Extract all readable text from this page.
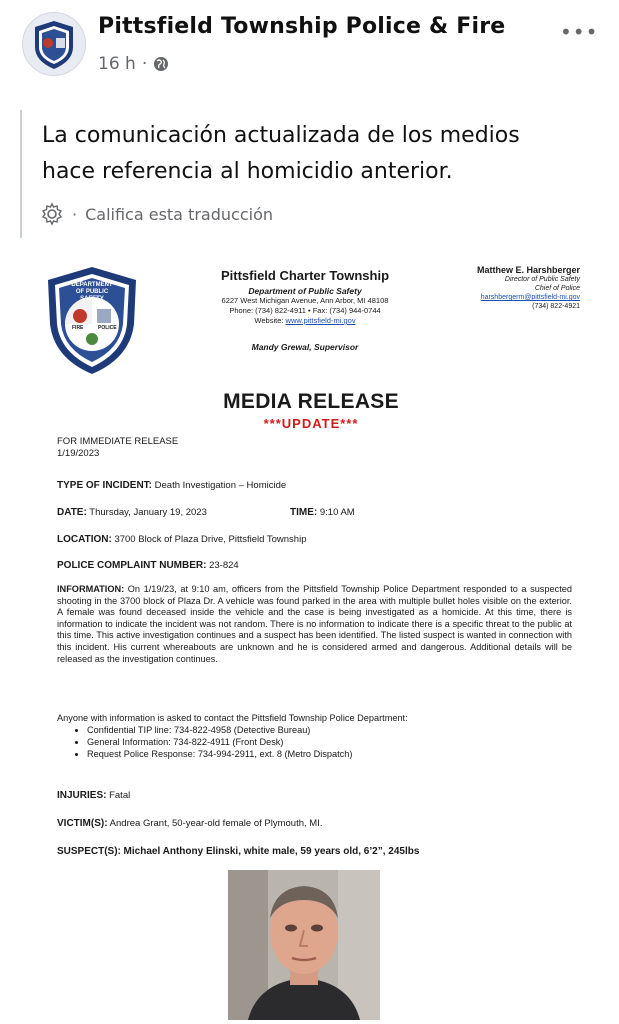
Pittsfield Township Police & Fire
16 h ·
•••
La comunicación actualizada de los medios hace referencia al homicidio anterior.
· Califica esta traducción
DEPARTMENT OF PUBLIC SAFETY
FIRE	POLICE
Pittsfield Charter Township
Department of Public Safety
6227 West Michigan Avenue, Ann Arbor, MI 48108
Phone: (734) 822-4911 • Fax: (734) 944-0744
Website: www.pittsfield-mi.gov
Mandy Grewal, Supervisor
Matthew E. Harshberger
Director of Public Safety
Chief of Police
harshbergerm@pittsfield-mi.gov
(734) 822-4921
MEDIA RELEASE
***UPDATE***
FOR IMMEDIATE RELEASE
1/19/2023
TYPE OF INCIDENT: Death Investigation – Homicide
DATE: Thursday, January 19, 2023	TIME: 9:10 AM
LOCATION: 3700 Block of Plaza Drive, Pittsfield Township
POLICE COMPLAINT NUMBER: 23-824
INFORMATION: On 1/19/23, at 9:10 am, officers from the Pittsfield Township Police Department responded to a suspected shooting in the 3700 block of Plaza Dr. A vehicle was found parked in the area with multiple bullet holes visible on the exterior. A female was found deceased inside the vehicle and the case is being investigated as a homicide. At this time, there is information to indicate the incident was not random. There is no information to indicate there is a specific threat to the public at this time. This active investigation continues and a suspect has been identified. The listed suspect is wanted in connection with this incident. His current whereabouts are unknown and he is considered armed and dangerous. Additional details will be released as the investigation continues.
Anyone with information is asked to contact the Pittsfield Township Police Department:
• Confidential TIP line: 734-822-4958 (Detective Bureau)
• General Information: 734-822-4911 (Front Desk)
• Request Police Response: 734-994-2911, ext. 8 (Metro Dispatch)
INJURIES: Fatal
VICTIM(S): Andrea Grant, 50-year-old female of Plymouth, MI.
SUSPECT(S): Michael Anthony Elinski, white male, 59 years old, 6’2”, 245lbs
